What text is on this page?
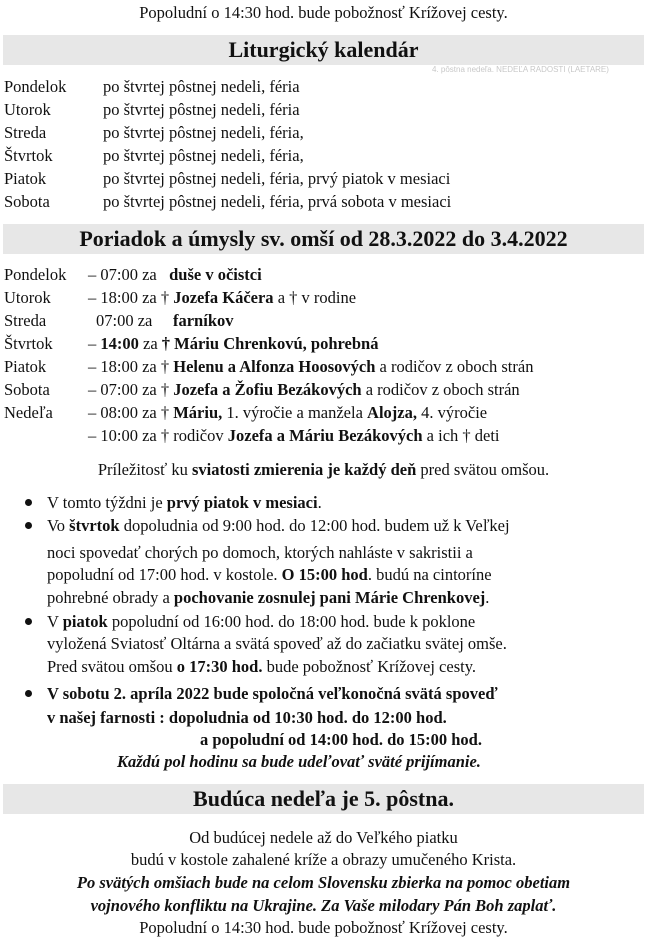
Popoludní o 14:30 hod. bude pobožnosť Krížovej cesty.
Liturgický kalendár
4. pôstna nedeľa. NEDEĽA RADOSTI (LAETARE)
Pondelok po štvrtej pôstnej nedeli, féria
Utorok	po štvrtej pôstnej nedeli, féria
Streda	po štvrtej pôstnej nedeli, féria,
Štvrtok	po štvrtej pôstnej nedeli, féria,
Piatok	po štvrtej pôstnej nedeli, féria, prvý piatok v mesiaci
Sobota	po štvrtej pôstnej nedeli, féria, prvá sobota v mesiaci
Poriadok a úmysly sv. omší od 28.3.2022 do 3.4.2022
Pondelok – 07:00 za duše v očistci
Utorok – 18:00 za † Jozefa Káčera a † v rodine
Streda	07:00 za farníkov
Štvrtok – 14:00 za † Máriu Chrenkovú, pohrebná
Piatok	– 18:00 za † Helenu a Alfonza Hoosových a rodičov z oboch strán
Sobota – 07:00 za † Jozefa a Žofiu Bezákových a rodičov z oboch strán
Nedeľa – 08:00 za † Máriu, 1. výročie a manžela Alojza, 4. výročie
– 10:00 za † rodičov Jozefa a Máriu Bezákových a ich † deti
Príležitosť ku sviatosti zmierenia je každý deň pred svätou omšou.
V tomto týždni je prvý piatok v mesiaci.
Vo štvrtok dopoludnia od 9:00 hod. do 12:00 hod. budem už k Veľkej
noci spovedať chorých po domoch, ktorých nahláste v sakristii a
popoludní od 17:00 hod. v kostole. O 15:00 hod. budú na cintoríne
pohrebné obrady a pochovanie zosnulej pani Márie Chrenkovej.
V piatok popoludní od 16:00 hod. do 18:00 hod. bude k poklone
vyložená Sviatosť Oltárna a svätá spoveď až do začiatku svätej omše.
Pred svätou omšou o 17:30 hod. bude pobožnosť Krížovej cesty.
V sobotu 2. apríla 2022 bude spoločná veľkonočná svätá spoveď
v našej farnosti : dopoludnia od 10:30 hod. do 12:00 hod.
a popoludní od 14:00 hod. do 15:00 hod.
Každú pol hodinu sa bude udeľovať sväté prijímanie.
Budúca nedeľa je 5. pôstna.
Od budúcej nedele až do Veľkého piatku
budú v kostole zahalené kríže a obrazy umučeného Krista.
Po svätých omšiach bude na celom Slovensku zbierka na pomoc obetiam
vojnového konfliktu na Ukrajine. Za Vaše milodary Pán Boh zaplať.
Popoludní o 14:30 hod. bude pobožnosť Krížovej cesty.
